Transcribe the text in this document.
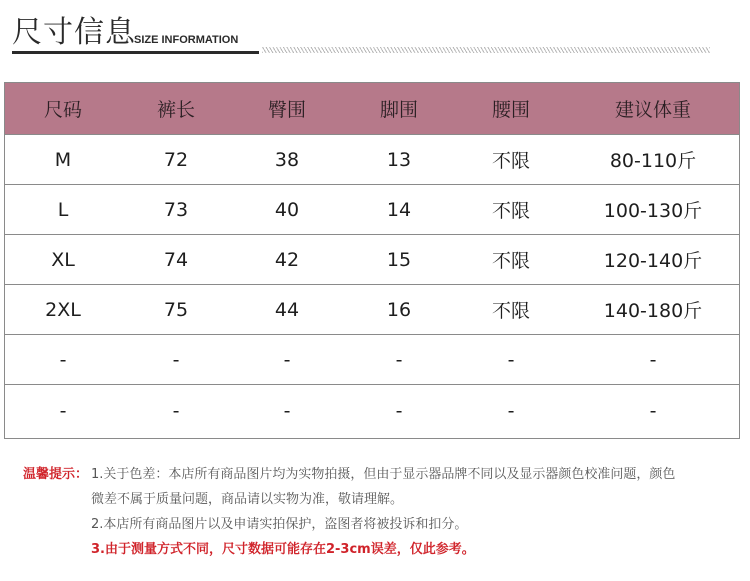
尺寸信息
SIZE INFORMATION
尺码	裤长	臀围	脚围	腰围	建议体重
M	72	38	13	不限	80-110斤
L	73	40	14	不限	100-130斤
XL	74	42	15	不限	120-140斤
2XL	75	44	16	不限	140-180斤
-	-	-	-	-	-
-	-	-	-	-	-
温馨提示： 1.关于色差：本店所有商品图片均为实物拍摄，但由于显示器品牌不同以及显示器颜色校准问题，颜色
微差不属于质量问题，商品请以实物为准，敬请理解。
2.本店所有商品图片以及申请实拍保护，盗图者将被投诉和扣分。
3.由于测量方式不同，尺寸数据可能存在2-3cm误差，仅此参考。
